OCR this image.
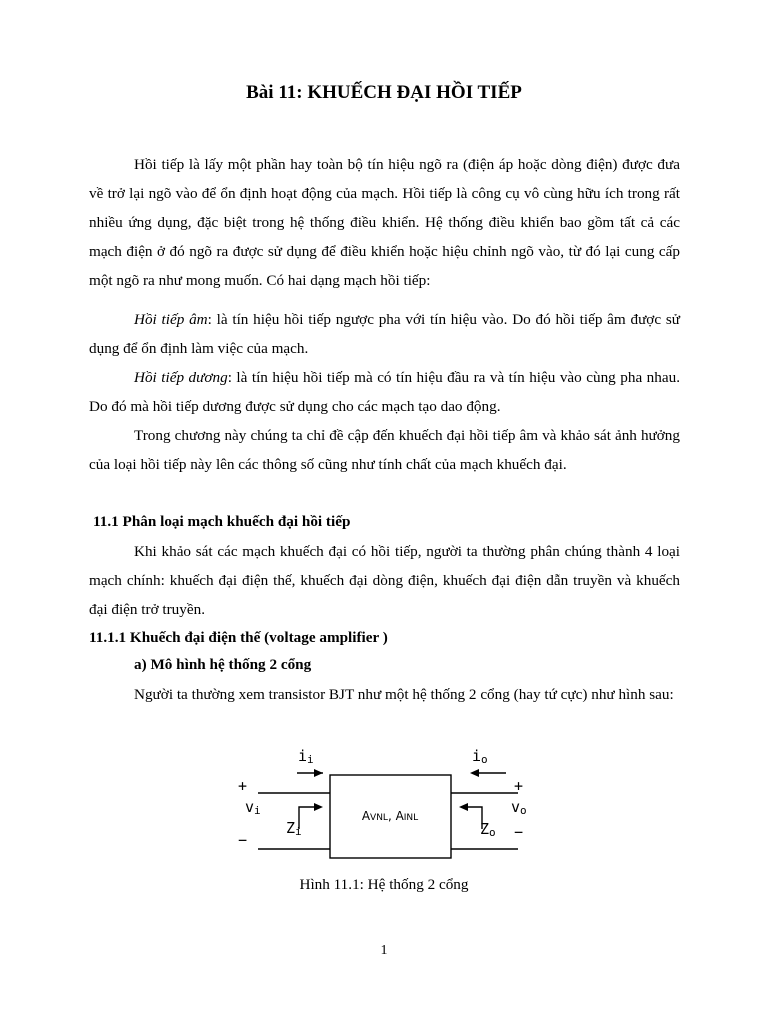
Bài 11: KHUẾCH ĐẠI HỒI TIẾP

Hồi tiếp là lấy một phần hay toàn bộ tín hiệu ngõ ra (điện áp hoặc dòng điện) được đưa về trở lại ngõ vào để ổn định hoạt động của mạch. Hồi tiếp là công cụ vô cùng hữu ích trong rất nhiều ứng dụng, đặc biệt trong hệ thống điều khiển. Hệ thống điều khiển bao gồm tất cả các mạch điện ở đó ngõ ra được sử dụng để điều khiển hoặc hiệu chỉnh ngõ vào, từ đó lại cung cấp một ngõ ra như mong muốn. Có hai dạng mạch hồi tiếp:

Hồi tiếp âm: là tín hiệu hồi tiếp ngược pha với tín hiệu vào. Do đó hồi tiếp âm được sử dụng để ổn định làm việc của mạch.

Hồi tiếp dương: là tín hiệu hồi tiếp mà có tín hiệu đầu ra và tín hiệu vào cùng pha nhau. Do đó mà hồi tiếp dương được sử dụng cho các mạch tạo dao động.

Trong chương này chúng ta chỉ đề cập đến khuếch đại hồi tiếp âm và khảo sát ảnh hưởng của loại hồi tiếp này lên các thông số cũng như tính chất của mạch khuếch đại.

11.1 Phân loại mạch khuếch đại hồi tiếp

Khi khảo sát các mạch khuếch đại có hồi tiếp, người ta thường phân chúng thành 4 loại mạch chính: khuếch đại điện thế, khuếch đại dòng điện, khuếch đại điện dẫn truyền và khuếch đại điện trở truyền.

11.1.1 Khuếch đại điện thế (voltage amplifier )
a) Mô hình hệ thống 2 cổng

Người ta thường xem transistor BJT như một hệ thống 2 cổng (hay tứ cực) như hình sau:

ii	io
+
−
+
−
vi	vo
Zi	Zo
AVNL, AINL
Hình 11.1: Hệ thống 2 cổng
1
